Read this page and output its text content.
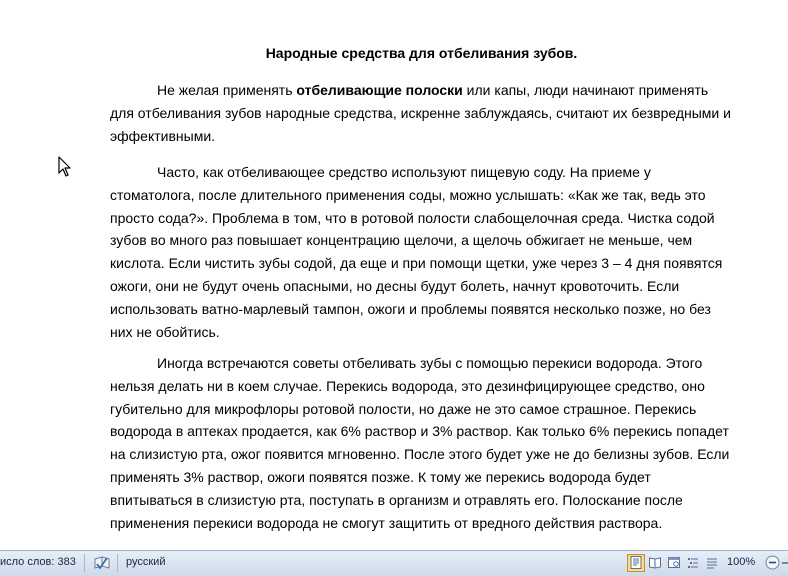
Народные средства для отбеливания зубов.

Не желая применять отбеливающие полоски или капы, люди начинают применять для отбеливания зубов народные средства, искренне заблуждаясь, считают их безвредными и эффективными.

Часто, как отбеливающее средство используют пищевую соду. На приеме у стоматолога, после длительного применения соды, можно услышать: «Как же так, ведь это просто сода?». Проблема в том, что в ротовой полости слабощелочная среда. Чистка содой зубов во много раз повышает концентрацию щелочи, а щелочь обжигает не меньше, чем кислота. Если чистить зубы содой, да еще и при помощи щетки, уже через 3 – 4 дня появятся ожоги, они не будут очень опасными, но десны будут болеть, начнут кровоточить. Если использовать ватно-марлевый тампон, ожоги и проблемы появятся несколько позже, но без них не обойтись.

Иногда встречаются советы отбеливать зубы с помощью перекиси водорода. Этого нельзя делать ни в коем случае. Перекись водорода, это дезинфицирующее средство, оно губительно для микрофлоры ротовой полости, но даже не это самое страшное. Перекись водорода в аптеках продается, как 6% раствор и 3% раствор. Как только 6% перекись попадет на слизистую рта, ожог появится мгновенно. После этого будет уже не до белизны зубов. Если применять 3% раствор, ожоги появятся позже. К тому же перекись водорода будет впитываться в слизистую рта, поступать в организм и отравлять его. Полоскание после применения перекиси водорода не смогут защитить от вредного действия раствора.

исло слов: 383	русский	100%
